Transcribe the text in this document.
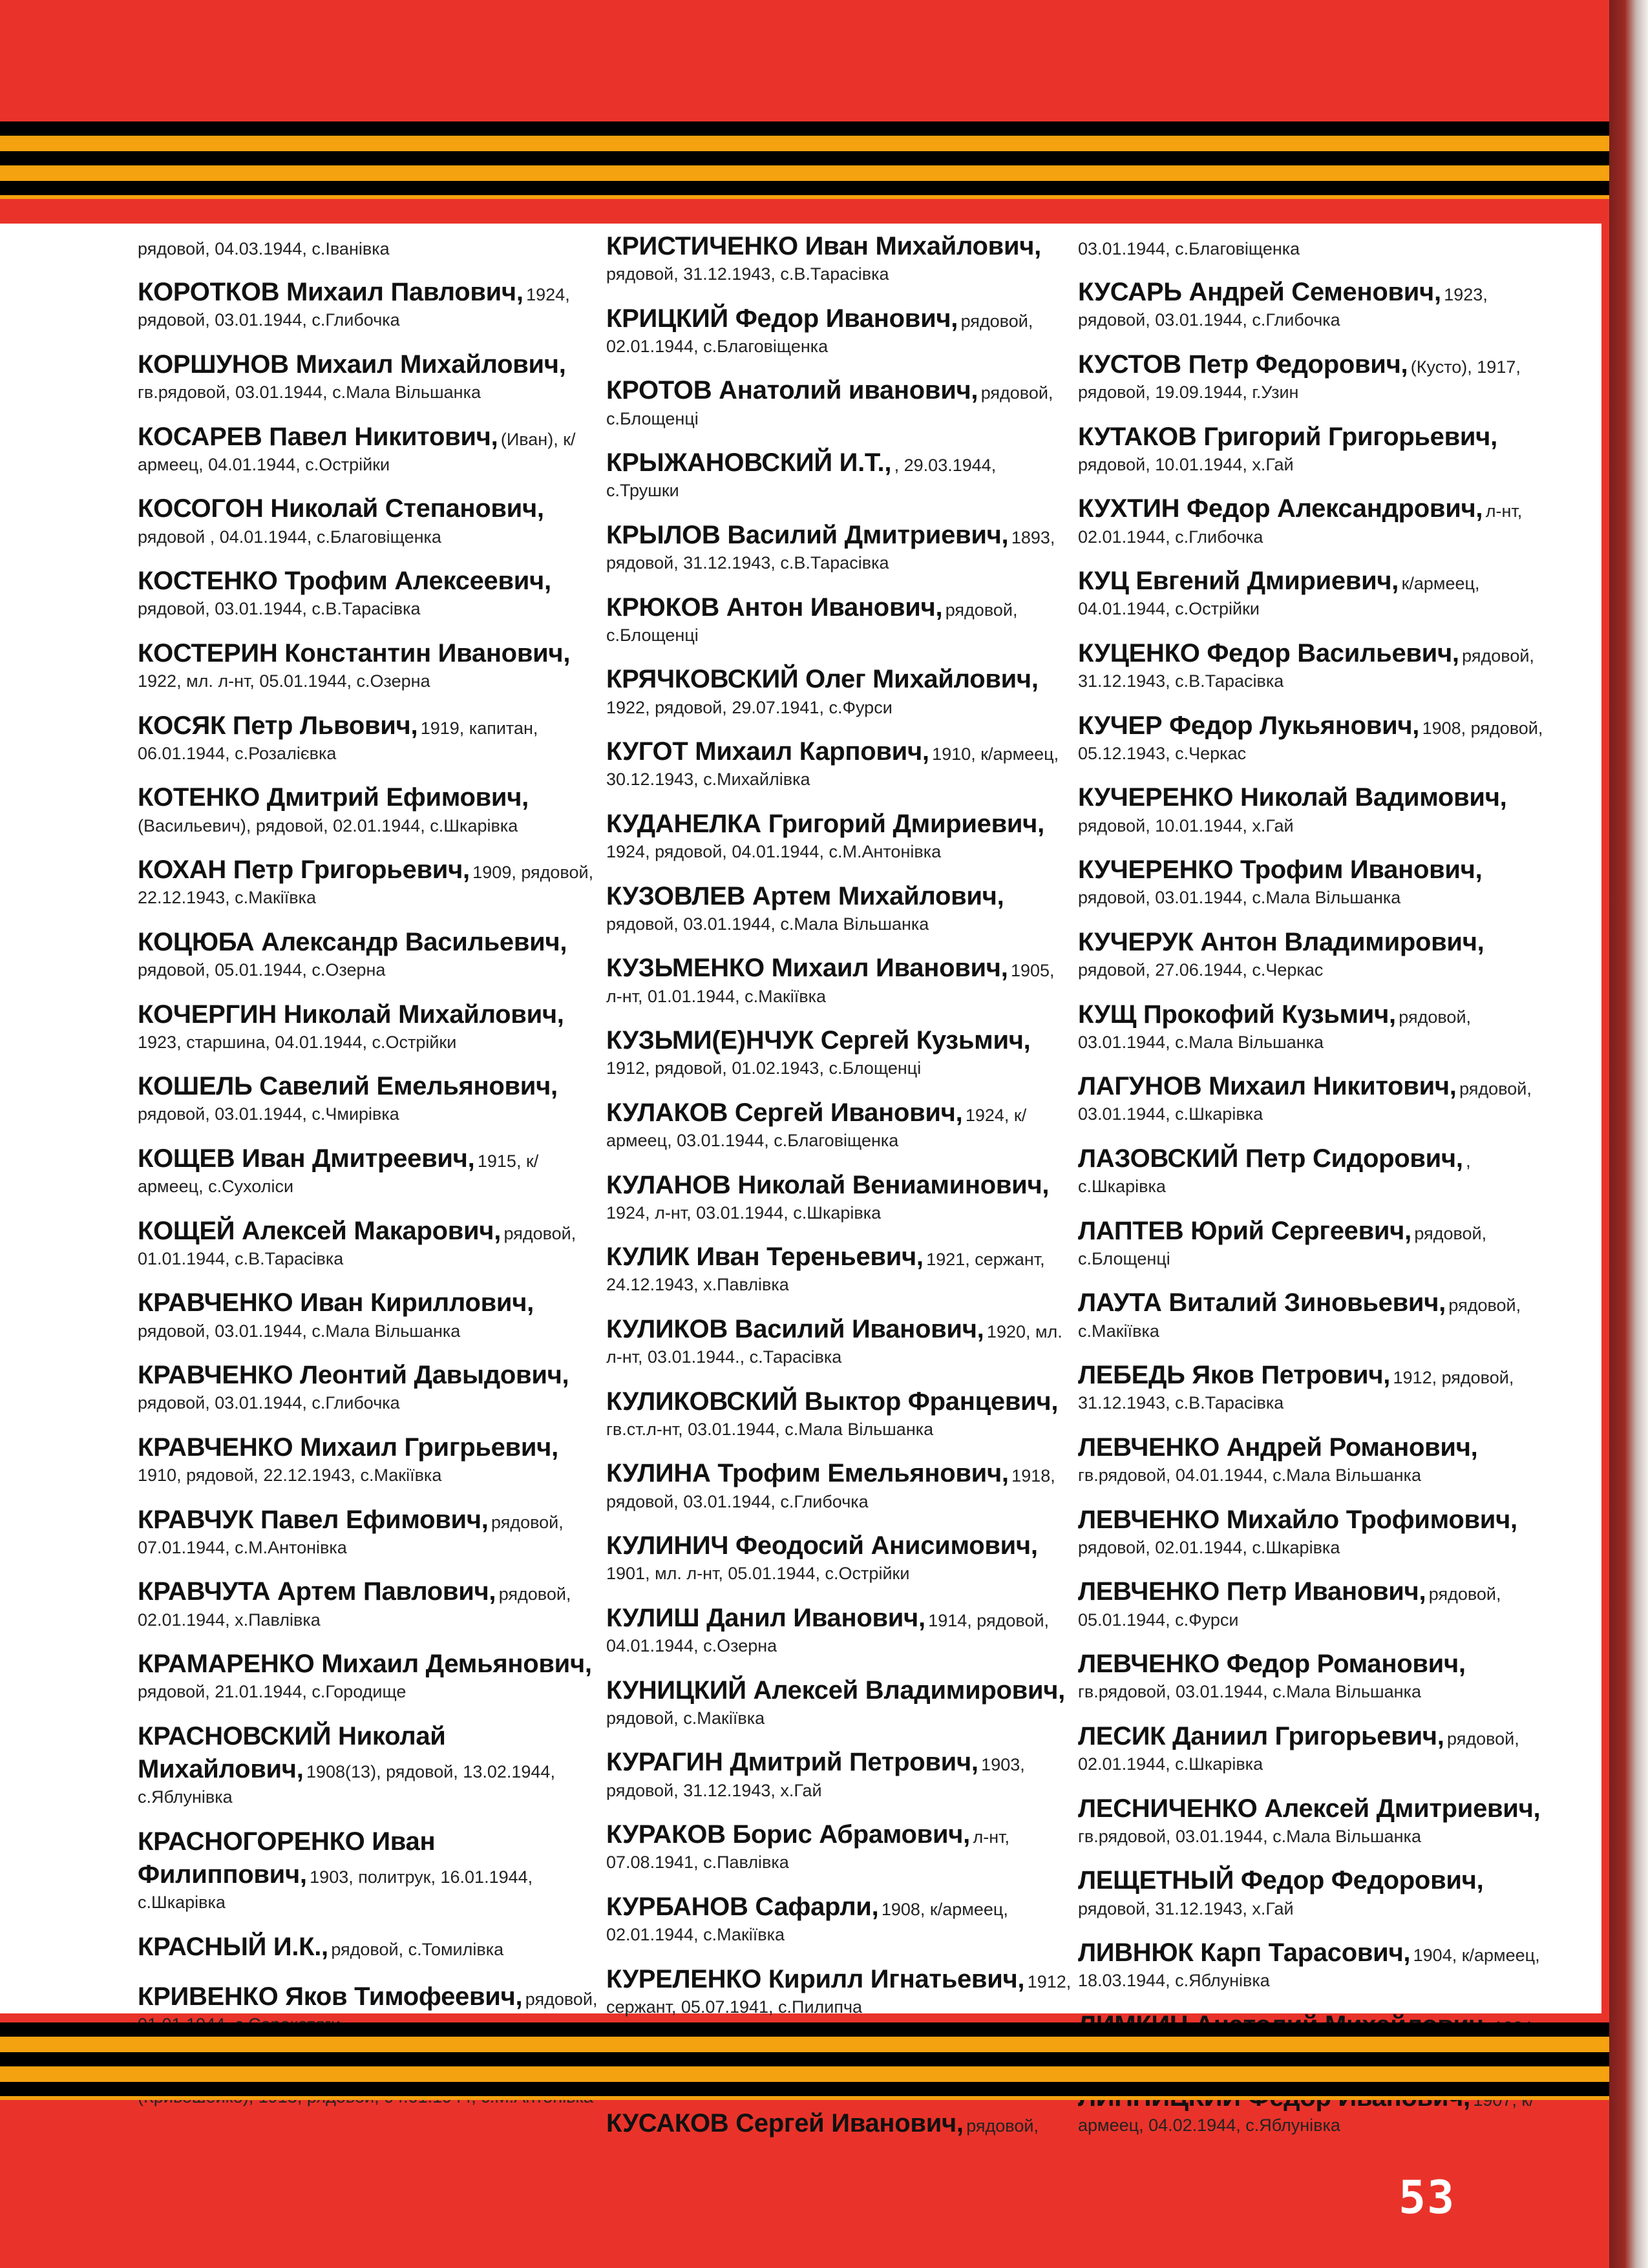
рядовой, 04.03.1944, с.Іванівка
КОРОТКОВ Михаил Павлович, 1924, рядовой, 03.01.1944, с.Глибочка
КОРШУНОВ Михаил Михайлович, гв.рядовой, 03.01.1944, с.Мала Вільшанка
КОСАРЕВ Павел Никитович, (Иван), к/армеец, 04.01.1944, с.Острійки
КОСОГОН Николай Степанович, рядовой , 04.01.1944, с.Благовіщенка
КОСТЕНКО Трофим Алексеевич, рядовой, 03.01.1944, с.В.Тарасівка
КОСТЕРИН Константин Иванович, 1922, мл. л-нт, 05.01.1944, с.Озерна
КОСЯК Петр Львович, 1919, капитан, 06.01.1944, с.Розалієвка
КОТЕНКО Дмитрий Ефимович, (Васильевич), рядовой, 02.01.1944, с.Шкарівка
КОХАН Петр Григорьевич, 1909, рядовой, 22.12.1943, с.Макіївка
КОЦЮБА Александр Васильевич, рядовой, 05.01.1944, с.Озерна
КОЧЕРГИН Николай Михайлович, 1923, старшина, 04.01.1944, с.Острійки
КОШЕЛЬ Савелий Емельянович, рядовой, 03.01.1944, с.Чмирівка
КОЩЕВ Иван Дмитреевич, 1915, к/армеец, с.Сухоліси
КОЩЕЙ Алексей Макарович, рядовой, 01.01.1944, с.В.Тарасівка
КРАВЧЕНКО Иван Кириллович, рядовой, 03.01.1944, с.Мала Вільшанка
КРАВЧЕНКО Леонтий Давыдович, рядовой, 03.01.1944, с.Глибочка
КРАВЧЕНКО Михаил Григрьевич, 1910, рядовой, 22.12.1943, с.Макіївка
КРАВЧУК Павел Ефимович, рядовой, 07.01.1944, с.М.Антонівка
КРАВЧУТА Артем Павлович, рядовой, 02.01.1944, х.Павлівка
КРАМАРЕНКО Михаил Демьянович, рядовой, 21.01.1944, с.Городище
КРАСНОВСКИЙ Николай Михайлович, 1908(13), рядовой, 13.02.1944, с.Яблунівка
КРАСНОГОРЕНКО Иван Филиппович, 1903, политрук, 16.01.1944, с.Шкарівка
КРАСНЫЙ И.К., рядовой, с.Томилівка
КРИВЕНКО Яков Тимофеевич, рядовой,
КРИСТИЧЕНКО Иван Михайлович, рядовой, 31.12.1943, с.В.Тарасівка
КРИЦКИЙ Федор Иванович, рядовой, 02.01.1944, с.Благовіщенка
КРОТОВ Анатолий иванович, рядовой, с.Блощенці
КРЫЖАНОВСКИЙ И.Т., , 29.03.1944, с.Трушки
КРЫЛОВ Василий Дмитриевич, 1893, рядовой, 31.12.1943, с.В.Тарасівка
КРЮКОВ Антон Иванович, рядовой, с.Блощенці
КРЯЧКОВСКИЙ Олег Михайлович, 1922, рядовой, 29.07.1941, с.Фурси
КУГОТ Михаил Карпович, 1910, к/армеец, 30.12.1943, с.Михайлівка
КУДАНЕЛКА Григорий Дмириевич, 1924, рядовой, 04.01.1944, с.М.Антонівка
КУЗОВЛЕВ Артем Михайлович, рядовой, 03.01.1944, с.Мала Вільшанка
КУЗЬМЕНКО Михаил Иванович, 1905, л-нт, 01.01.1944, с.Макіївка
КУЗЬМИ(Е)НЧУК Сергей Кузьмич, 1912, рядовой, 01.02.1943, с.Блощенці
КУЛАКОВ Сергей Иванович, 1924, к/армеец, 03.01.1944, с.Благовіщенка
КУЛАНОВ Николай Вениаминович, 1924, л-нт, 03.01.1944, с.Шкарівка
КУЛИК Иван Тереньевич, 1921, сержант, 24.12.1943, х.Павлівка
КУЛИКОВ Василий Иванович, 1920, мл. л-нт, 03.01.1944., с.Тарасівка
КУЛИКОВСКИЙ Выктор Францевич, гв.ст.л-нт, 03.01.1944, с.Мала Вільшанка
КУЛИНА Трофим Емельянович, 1918, рядовой, 03.01.1944, с.Глибочка
КУЛИНИЧ Феодосий Анисимович, 1901, мл. л-нт, 05.01.1944, с.Острійки
КУЛИШ Данил Иванович, 1914, рядовой, 04.01.1944, с.Озерна
КУНИЦКИЙ Алексей Владимирович, рядовой, с.Макіївка
КУРАГИН Дмитрий Петрович, 1903, рядовой, 31.12.1943, х.Гай
КУРАКОВ Борис Абрамович, л-нт, 07.08.1941, с.Павлівка
КУРБАНОВ Сафарли, 1908, к/армеец, 02.01.1944, с.Макіївка
КУРЕЛЕНКО Кирилл Игнатьевич, 1912, сержант, 05.07.1941, с.Пилипча
КУСАКОВ Сергей Иванович, рядовой,
03.01.1944, с.Благовіщенка
КУСАРЬ Андрей Семенович, 1923, рядовой, 03.01.1944, с.Глибочка
КУСТОВ Петр Федорович, (Кусто), 1917, рядовой, 19.09.1944, г.Узин
КУТАКОВ Григорий Григорьевич, рядовой, 10.01.1944, х.Гай
КУХТИН Федор Александрович, л-нт, 02.01.1944, с.Глибочка
КУЦ Евгений Дмириевич, к/армеец, 04.01.1944, с.Острійки
КУЦЕНКО Федор Васильевич, рядовой, 31.12.1943, с.В.Тарасівка
КУЧЕР Федор Лукьянович, 1908, рядовой, 05.12.1943, с.Черкас
КУЧЕРЕНКО Николай Вадимович, рядовой, 10.01.1944, х.Гай
КУЧЕРЕНКО Трофим Иванович, рядовой, 03.01.1944, с.Мала Вільшанка
КУЧЕРУК Антон Владимирович, рядовой, 27.06.1944, с.Черкас
КУЩ Прокофий Кузьмич, рядовой, 03.01.1944, с.Мала Вільшанка
ЛАГУНОВ Михаил Никитович, рядовой, 03.01.1944, с.Шкарівка
ЛАЗОВСКИЙ Петр Сидорович, , с.Шкарівка
ЛАПТЕВ Юрий Сергеевич, рядовой, с.Блощенці
ЛАУТА Виталий Зиновьевич, рядовой, с.Макіївка
ЛЕБЕДЬ Яков Петрович, 1912, рядовой, 31.12.1943, с.В.Тарасівка
ЛЕВЧЕНКО Андрей Романович, гв.рядовой, 04.01.1944, с.Мала Вільшанка
ЛЕВЧЕНКО Михайло Трофимович, рядовой, 02.01.1944, с.Шкарівка
ЛЕВЧЕНКО Петр Иванович, рядовой, 05.01.1944, с.Фурси
ЛЕВЧЕНКО Федор Романович, гв.рядовой, 03.01.1944, с.Мала Вільшанка
ЛЕСИК Даниил Григорьевич, рядовой, 02.01.1944, с.Шкарівка
ЛЕСНИЧЕНКО Алексей Дмитриевич, гв.рядовой, 03.01.1944, с.Мала Вільшанка
ЛЕЩЕТНЫЙ Федор Федорович, рядовой, 31.12.1943, х.Гай
ЛИВНЮК Карп Тарасович, 1904, к/армеец, 18.03.1944, с.Яблунівка
армеец, 04.02.1944, с.Яблунівка
53
